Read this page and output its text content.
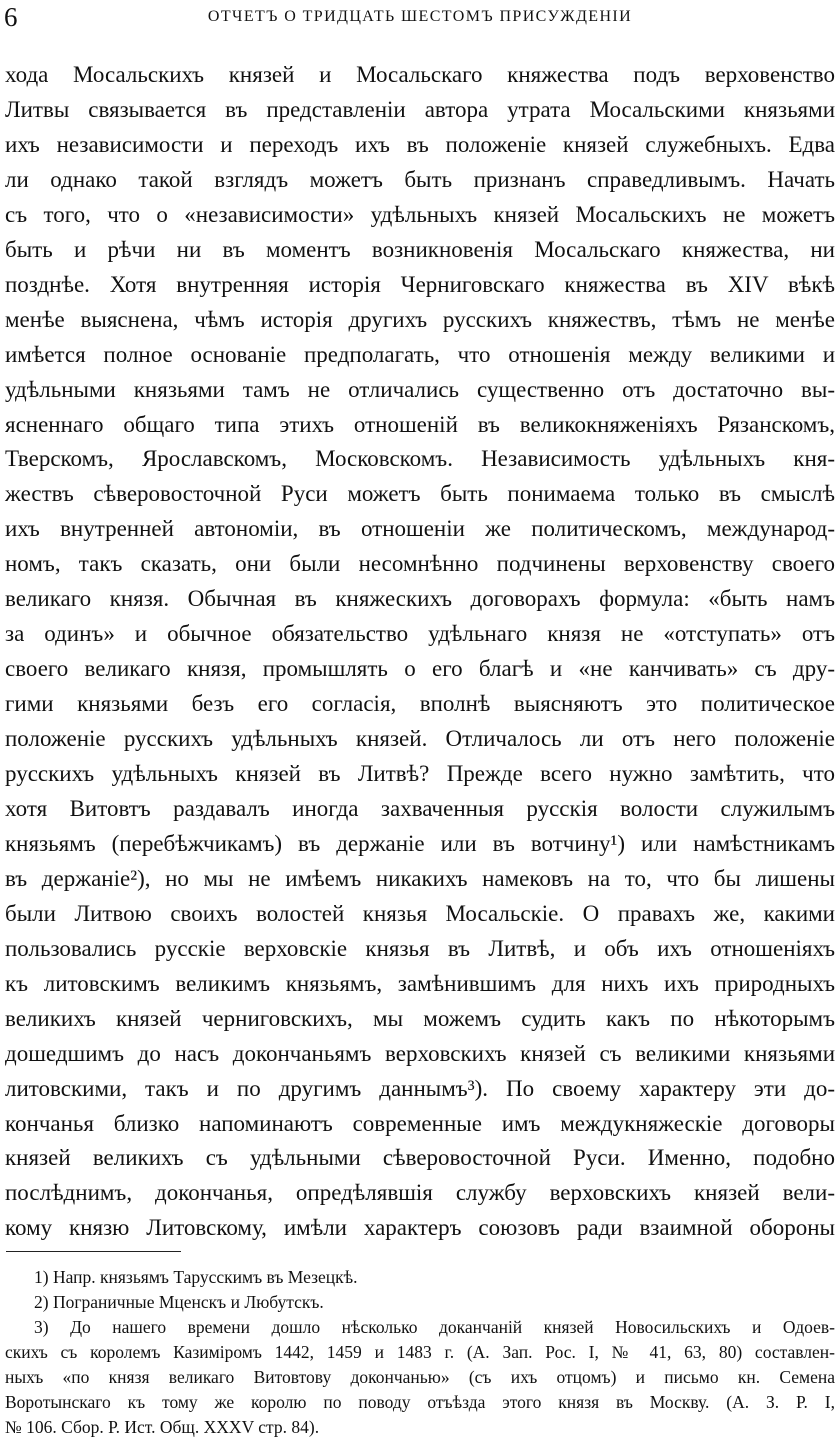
6	ОТЧЕТЪ О ТРИДЦАТЬ ШЕСТОМЪ ПРИСУЖДЕНІИ
хода Мосальскихъ князей и Мосальскаго княжества подъ верховенство
Литвы связывается въ представленіи автора утрата Мосальскими князьями
ихъ независимости и переходъ ихъ въ положеніе князей служебныхъ. Едва
ли однако такой взглядъ можетъ быть признанъ справедливымъ. Начать
съ того, что о «независимости» удѣльныхъ князей Мосальскихъ не можетъ
быть и рѣчи ни въ моментъ возникновенія Мосальскаго княжества, ни
позднѣе. Хотя внутренняя исторія Черниговскаго княжества въ XIV вѣкѣ
менѣе выяснена, чѣмъ исторія другихъ русскихъ княжествъ, тѣмъ не менѣе
имѣется полное основаніе предполагать, что отношенія между великими и
удѣльными князьями тамъ не отличались существенно отъ достаточно вы-
ясненнаго общаго типа этихъ отношеній въ великокняженіяхъ Рязанскомъ,
Тверскомъ, Ярославскомъ, Московскомъ. Независимость удѣльныхъ кня-
жествъ сѣверовосточной Руси можетъ быть понимаема только въ смыслѣ
ихъ внутренней автономіи, въ отношеніи же политическомъ, международ-
номъ, такъ сказать, они были несомнѣнно подчинены верховенству своего
великаго князя. Обычная въ княжескихъ договорахъ формула: «быть намъ
за одинъ» и обычное обязательство удѣльнаго князя не «отступать» отъ
своего великаго князя, промышлять о его благѣ и «не канчивать» съ дру-
гими князьями безъ его согласія, вполнѣ выясняютъ это политическое
положеніе русскихъ удѣльныхъ князей. Отличалось ли отъ него положеніе
русскихъ удѣльныхъ князей въ Литвѣ? Прежде всего нужно замѣтить, что
хотя Витовтъ раздавалъ иногда захваченныя русскія волости служилымъ
князьямъ (перебѣжчикамъ) въ держаніе или въ вотчину¹) или намѣстникамъ
въ держаніе²), но мы не имѣемъ никакихъ намековъ на то, что бы лишены
были Литвою своихъ волостей князья Мосальскіе. О правахъ же, какими
пользовались русскіе верховскіе князья въ Литвѣ, и объ ихъ отношеніяхъ
къ литовскимъ великимъ князьямъ, замѣнившимъ для нихъ ихъ природныхъ
великихъ князей черниговскихъ, мы можемъ судить какъ по нѣкоторымъ
дошедшимъ до насъ докончаньямъ верховскихъ князей съ великими князьями
литовскими, такъ и по другимъ даннымъ³). По своему характеру эти до-
кончанья близко напоминаютъ современные имъ междукняжескіе договоры
князей великихъ съ удѣльными сѣверовосточной Руси. Именно, подобно
послѣднимъ, докончанья, опредѣлявшія службу верховскихъ князей вели-
кому князю Литовскому, имѣли характеръ союзовъ ради взаимной обороны
1) Напр. князьямъ Тарусскимъ въ Мезецкѣ.
2) Пограничные Мценскъ и Любутскъ.
3) До нашего времени дошло нѣсколько доканчаній князей Новосильскихъ и Одоев-
скихъ съ королемъ Казиміромъ 1442, 1459 и 1483 г. (А. Зап. Рос. I, № 41, 63, 80) составлен-
ныхъ «по князя великаго Витовтову докончанью» (съ ихъ отцомъ) и письмо кн. Семена
Воротынскаго къ тому же королю по поводу отъѣзда этого князя въ Москву. (А. З. Р. I,
№ 106. Сбор. Р. Ист. Общ. XXXV стр. 84).
